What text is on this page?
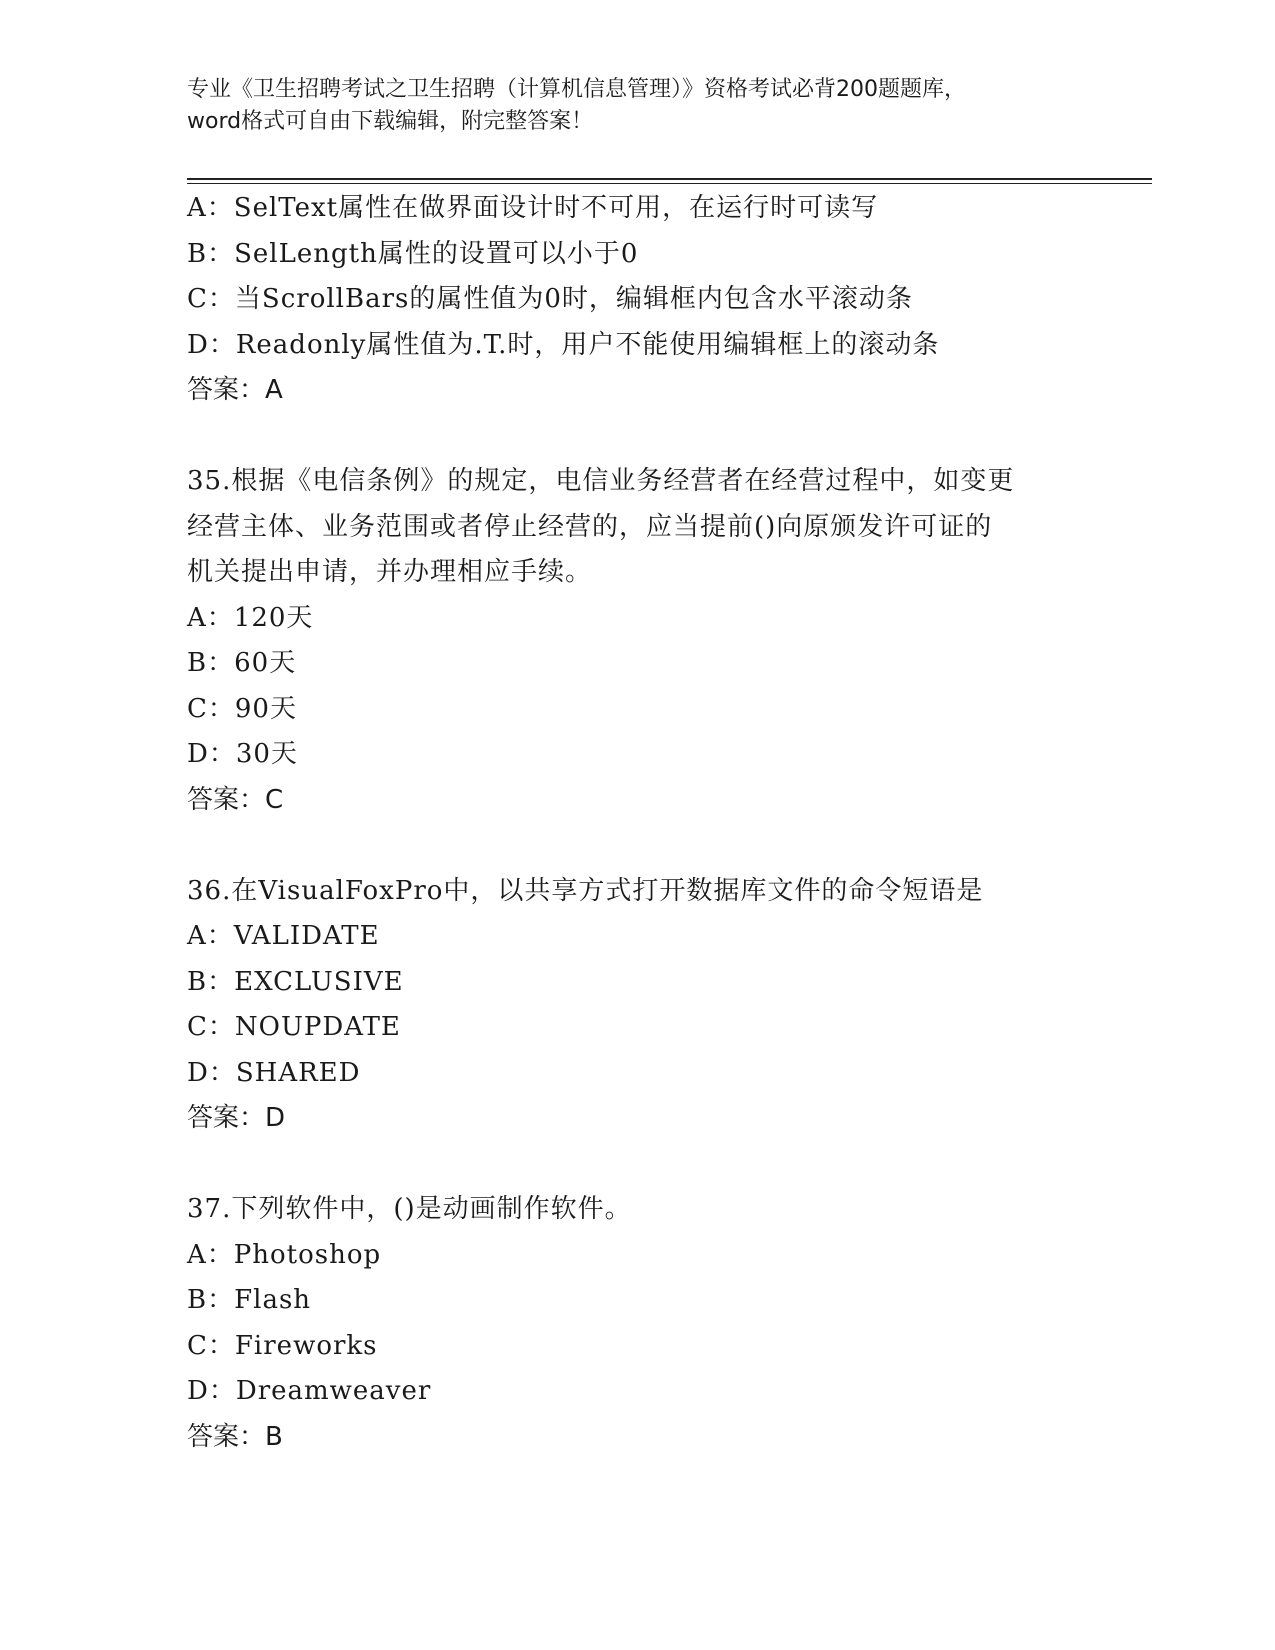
专业《卫生招聘考试之卫生招聘（计算机信息管理）》资格考试必背200题题库，
word格式可自由下载编辑，附完整答案！
A：SelText属性在做界面设计时不可用，在运行时可读写
B：SelLength属性的设置可以小于0
C：当ScrollBars的属性值为0时，编辑框内包含水平滚动条
D：Readonly属性值为.T.时，用户不能使用编辑框上的滚动条
答案：A
35.根据《电信条例》的规定，电信业务经营者在经营过程中，如变更
经营主体、业务范围或者停止经营的，应当提前()向原颁发许可证的
机关提出申请，并办理相应手续。
A：120天
B：60天
C：90天
D：30天
答案：C
36.在VisualFoxPro中，以共享方式打开数据库文件的命令短语是
A：VALIDATE
B：EXCLUSIVE
C：NOUPDATE
D：SHARED
答案：D
37.下列软件中，()是动画制作软件。
A：Photoshop
B：Flash
C：Fireworks
D：Dreamweaver
答案：B
